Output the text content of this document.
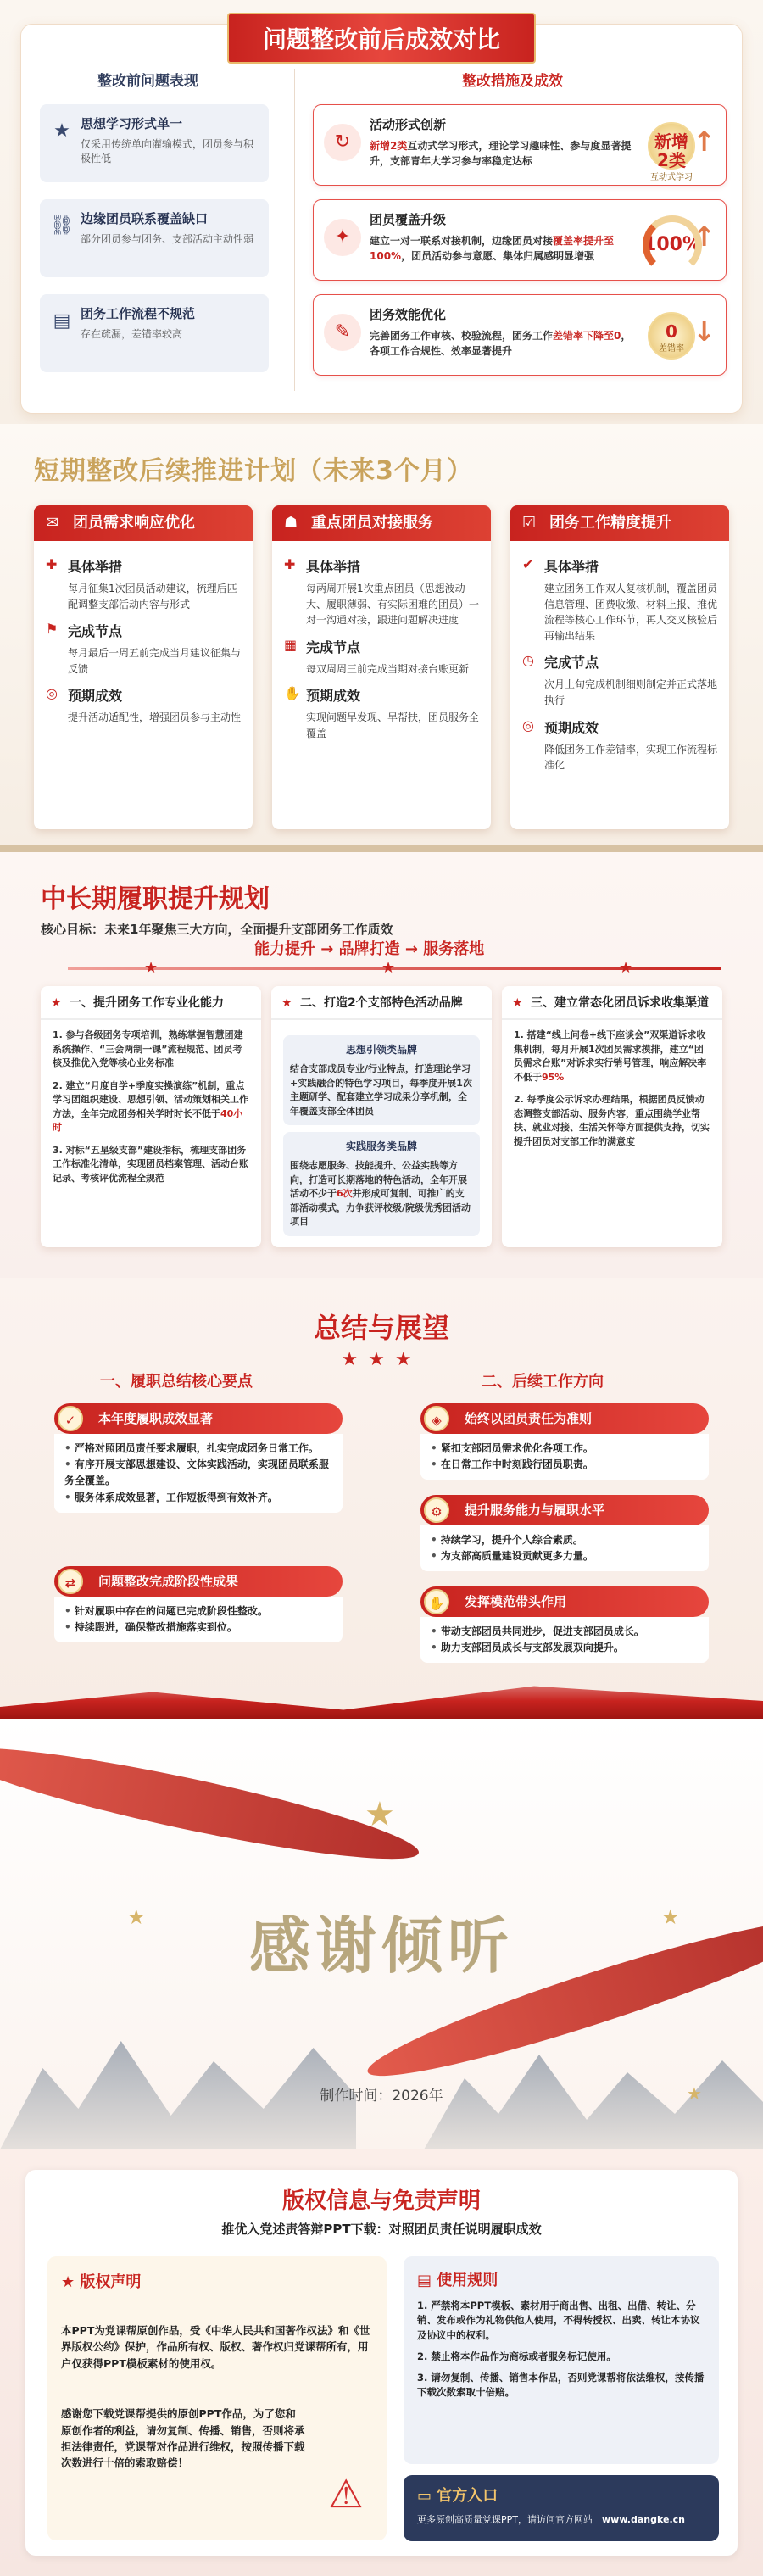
问题整改前后成效对比
整改前问题表现	整改措施及成效
★ 思想学习形式单一
仅采用传统单向灌输模式，团员参与积极性低
⛓ 边缘团员联系覆盖缺口
部分团员参与团务、支部活动主动性弱
▤ 团务工作流程不规范
存在疏漏，差错率较高
↻
活动形式创新
新增2类互动式学习形式，理论学习趣味性、参与度显著提升，支部青年大学习参与率稳定达标
新增2类
互动式学习
↑
✦
团员覆盖升级
建立一对一联系对接机制，边缘团员对接覆盖率提升至100%，团员活动参与意愿、集体归属感明显增强
100%
↑
✎
团务效能优化
完善团务工作审核、校验流程，团务工作差错率下降至0，各项工作合规性、效率显著提升
0
差错率
↓
短期整改后续推进计划（未来3个月）
✉ 团员需求响应优化
✚ 具体举措
每月征集1次团员活动建议，梳理后匹配调整支部活动内容与形式
⚑ 完成节点
每月最后一周五前完成当月建议征集与反馈
◎ 预期成效
提升活动适配性，增强团员参与主动性
☗ 重点团员对接服务
✚ 具体举措
每两周开展1次重点团员（思想波动大、履职薄弱、有实际困难的团员）一对一沟通对接，跟进问题解决进度
▦ 完成节点
每双周周三前完成当期对接台账更新
✋ 预期成效
实现问题早发现、早帮扶，团员服务全覆盖
☑ 团务工作精度提升
✔ 具体举措
建立团务工作双人复核机制，覆盖团员信息管理、团费收缴、材料上报、推优流程等核心工作环节，再人交叉核验后再输出结果
◷ 完成节点
次月上旬完成机制细则制定并正式落地执行
◎ 预期成效
降低团务工作差错率，实现工作流程标准化
中长期履职提升规划
核心目标：未来1年聚焦三大方向，全面提升支部团务工作质效
能力提升 → 品牌打造 → 服务落地
★	★	★
★ 一、提升团务工作专业化能力

1. 参与各级团务专项培训，熟练掌握智慧团建系统操作、“三会两制一课”流程规范、团员考核及推优入党等核心业务标准

2. 建立“月度自学+季度实操演练”机制，重点学习团组织建设、思想引领、活动策划相关工作方法，全年完成团务相关学时时长不低于40小时

3. 对标“五星级支部”建设指标，梳理支部团务工作标准化清单，实现团员档案管理、活动台账记录、考核评优流程全规范

★ 二、打造2个支部特色活动品牌
思想引领类品牌
结合支部成员专业/行业特点，打造理论学习+实践融合的特色学习项目，每季度开展1次主题研学、配套建立学习成果分享机制，全年覆盖支部全体团员
实践服务类品牌
围绕志愿服务、技能提升、公益实践等方向，打造可长期落地的特色活动，全年开展活动不少于6次并形成可复制、可推广的支部活动模式，力争获评校级/院级优秀团活动项目
★ 三、建立常态化团员诉求收集渠道

1. 搭建“线上问卷+线下座谈会”双渠道诉求收集机制，每月开展1次团员需求摸排，建立“团员需求台账”对诉求实行销号管理，响应解决率不低于95%

2. 每季度公示诉求办理结果，根据团员反馈动态调整支部活动、服务内容，重点围绕学业帮扶、就业对接、生活关怀等方面提供支持，切实提升团员对支部工作的满意度

总结与展望
★★★
一、履职总结核心要点	二、后续工作方向
✓	本年度履职成效显著
• 严格对照团员责任要求履职，扎实完成团务日常工作。
• 有序开展支部思想建设、文体实践活动，实现团员联系服务全覆盖。
• 服务体系成效显著，工作短板得到有效补齐。
⇄	问题整改完成阶段性成果
• 针对履职中存在的问题已完成阶段性整改。
• 持续跟进，确保整改措施落实到位。
◈	始终以团员责任为准则
• 紧扣支部团员需求优化各项工作。
• 在日常工作中时刻践行团员职责。
⚙	提升服务能力与履职水平
• 持续学习，提升个人综合素质。
• 为支部高质量建设贡献更多力量。
✋	发挥模范带头作用
• 带动支部团员共同进步，促进支部团员成长。
• 助力支部团员成长与支部发展双向提升。
★
★	★
★
感谢倾听
制作时间：2026年
版权信息与免责声明
推优入党述责答辩PPT下载：对照团员责任说明履职成效
★ 版权声明

本PPT为党课帮原创作品，受《中华人民共和国著作权法》和《世界版权公约》保护，作品所有权、版权、著作权归党课帮所有，用户仅获得PPT模板素材的使用权。

感谢您下载党课帮提供的原创PPT作品，为了您和原创作者的利益，请勿复制、传播、销售，否则将承担法律责任，党课帮对作品进行维权，按照传播下载次数进行十倍的索取赔偿！

⚠
▤ 使用规则
1. 严禁将本PPT模板、素材用于商出售、出租、出借、转让、分销、发布或作为礼物供他人使用，不得转授权、出卖、转让本协议及协议中的权利。
2. 禁止将本作品作为商标或者服务标记使用。
3. 请勿复制、传播、销售本作品，否则党课帮将依法维权，按传播下载次数索取十倍赔。
▭ 官方入口
更多原创高质量党课PPT，请访问官方网站　 www.dangke.cn
